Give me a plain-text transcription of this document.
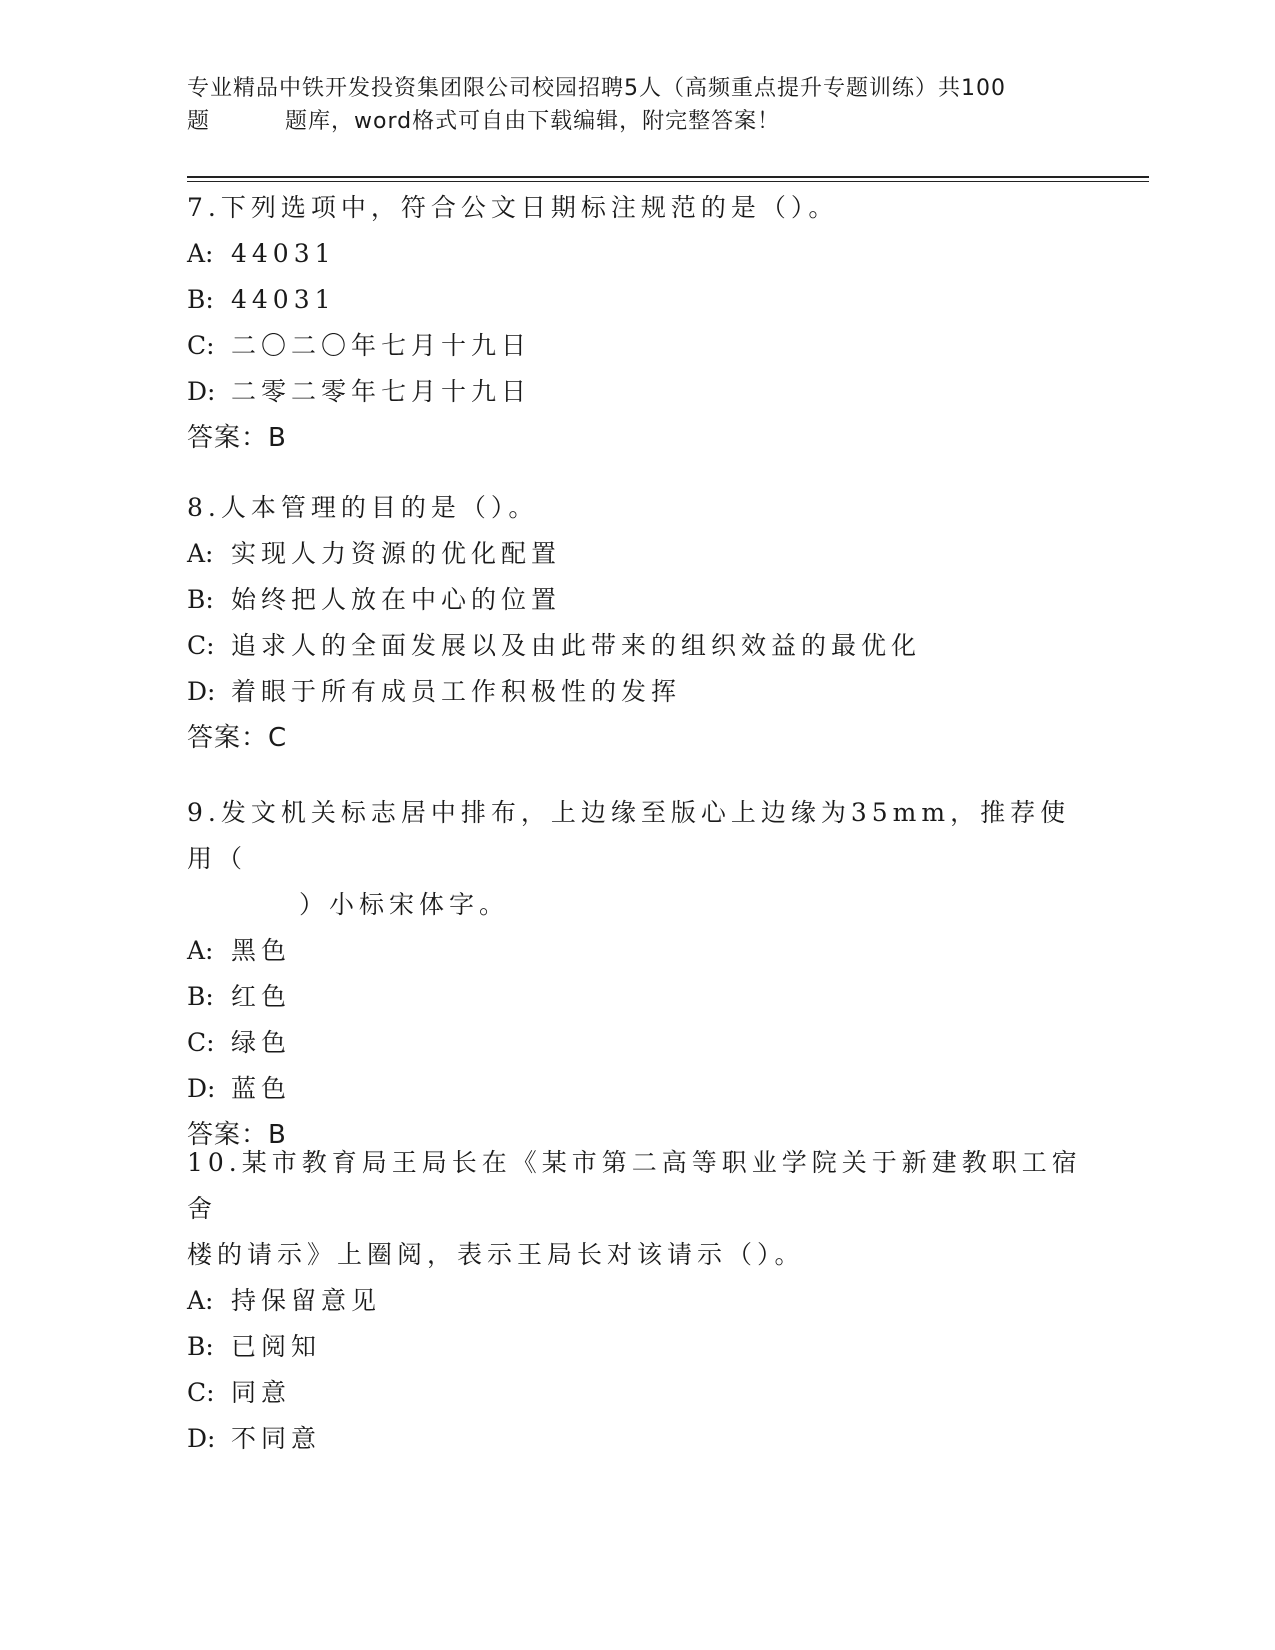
专业精品中铁开发投资集团限公司校园招聘5人（高频重点提升专题训练）共100
题	题库，word格式可自由下载编辑，附完整答案！

7.下列选项中，符合公文日期标注规范的是（）。

A: 44031

B: 44031

C: 二〇二〇年七月十九日

D: 二零二零年七月十九日

答案：B

8.人本管理的目的是（）。

A: 实现人力资源的优化配置

B: 始终把人放在中心的位置

C: 追求人的全面发展以及由此带来的组织效益的最优化

D: 着眼于所有成员工作积极性的发挥

答案：C

9.发文机关标志居中排布，上边缘至版心上边缘为35mm，推荐使用（

）小标宋体字。

A: 黑色

B: 红色

C: 绿色

D: 蓝色

答案：B

10.某市教育局王局长在《某市第二高等职业学院关于新建教职工宿舍

楼的请示》上圈阅，表示王局长对该请示（）。

A: 持保留意见

B: 已阅知

C: 同意

D: 不同意
